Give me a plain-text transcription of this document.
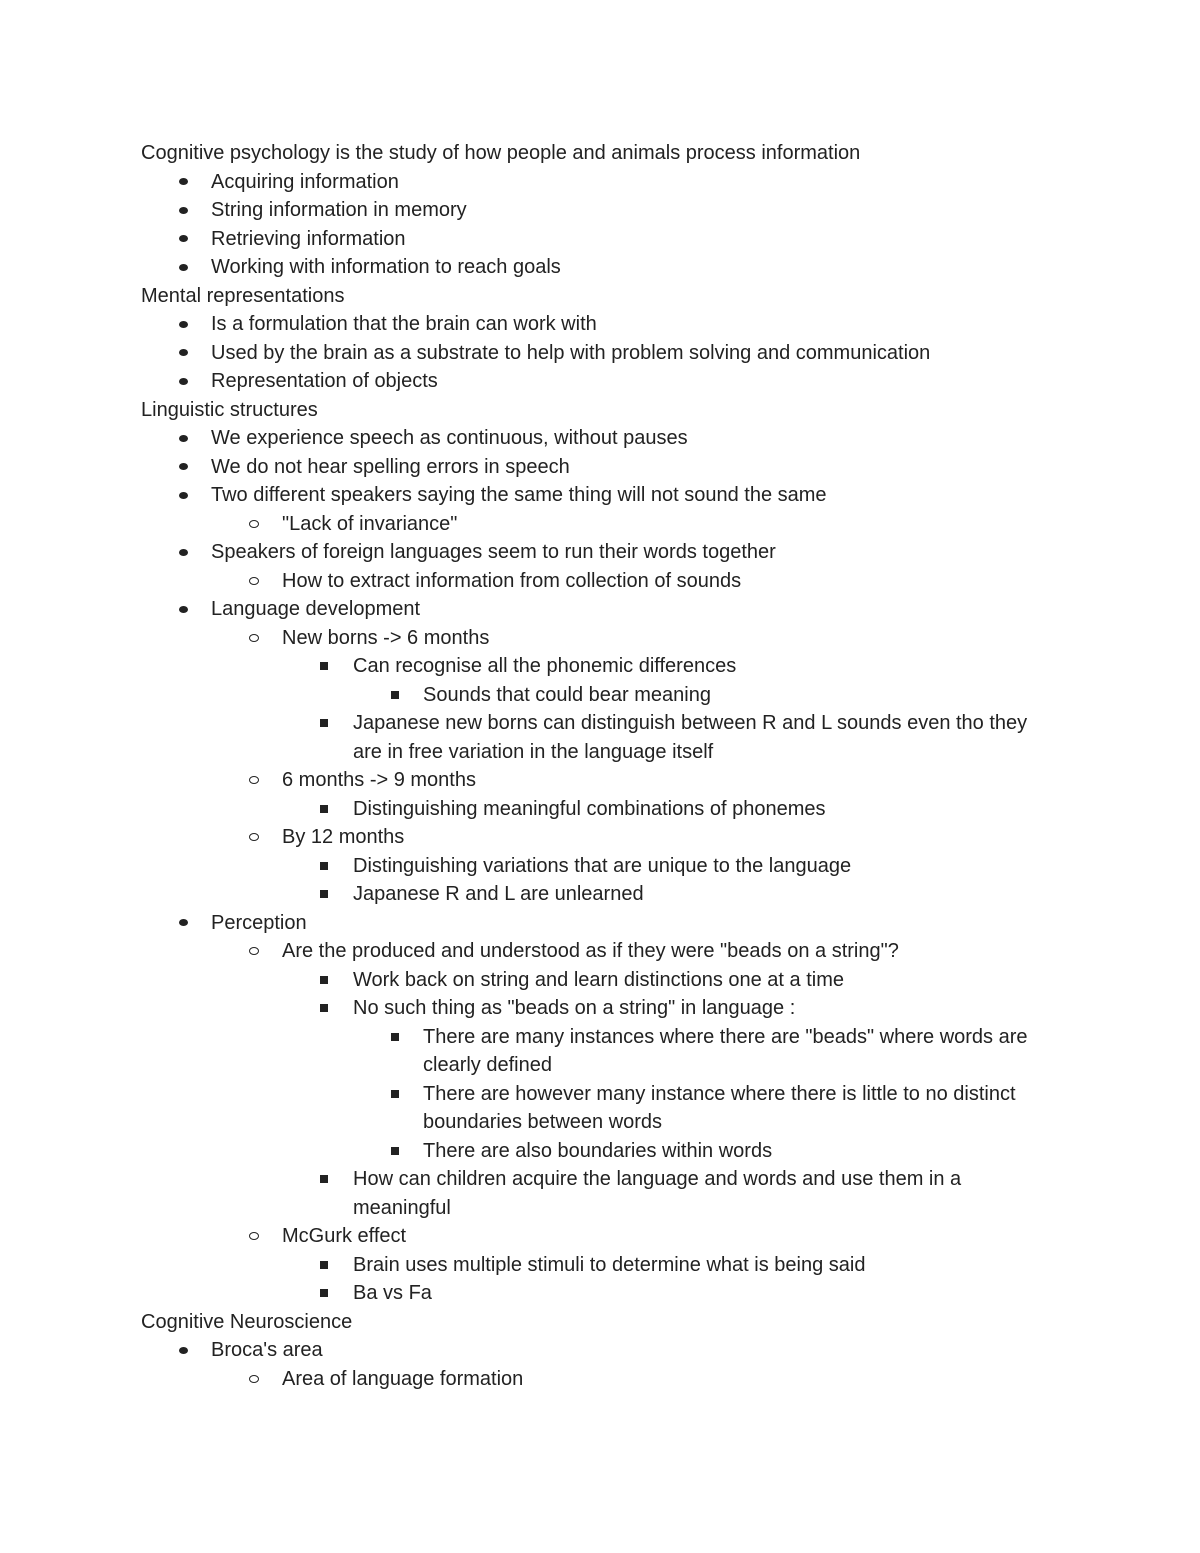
Cognitive psychology is the study of how people and animals process information
Acquiring information
String information in memory
Retrieving information
Working with information to reach goals
Mental representations
Is a formulation that the brain can work with
Used by the brain as a substrate to help with problem solving and communication
Representation of objects
Linguistic structures
We experience speech as continuous, without pauses
We do not hear spelling errors in speech
Two different speakers saying the same thing will not sound the same
"Lack of invariance"
Speakers of foreign languages seem to run their words together
How to extract information from collection of sounds
Language development
New borns -> 6 months
Can recognise all the phonemic differences
Sounds that could bear meaning
Japanese new borns can distinguish between R and L sounds even tho they are in free variation in the language itself
6 months -> 9 months
Distinguishing meaningful combinations of phonemes
By 12 months
Distinguishing variations that are unique to the language
Japanese R and L are unlearned
Perception
Are the produced and understood as if they were "beads on a string"?
Work back on string and learn distinctions one at a time
No such thing as "beads on a string" in language :
There are many instances where there are "beads" where words are clearly defined
There are however many instance where there is little to no distinct boundaries between words
There are also boundaries within words
How can children acquire the language and words and use them in a meaningful
McGurk effect
Brain uses multiple stimuli to determine what is being said
Ba vs Fa
Cognitive Neuroscience
Broca's area
Area of language formation
